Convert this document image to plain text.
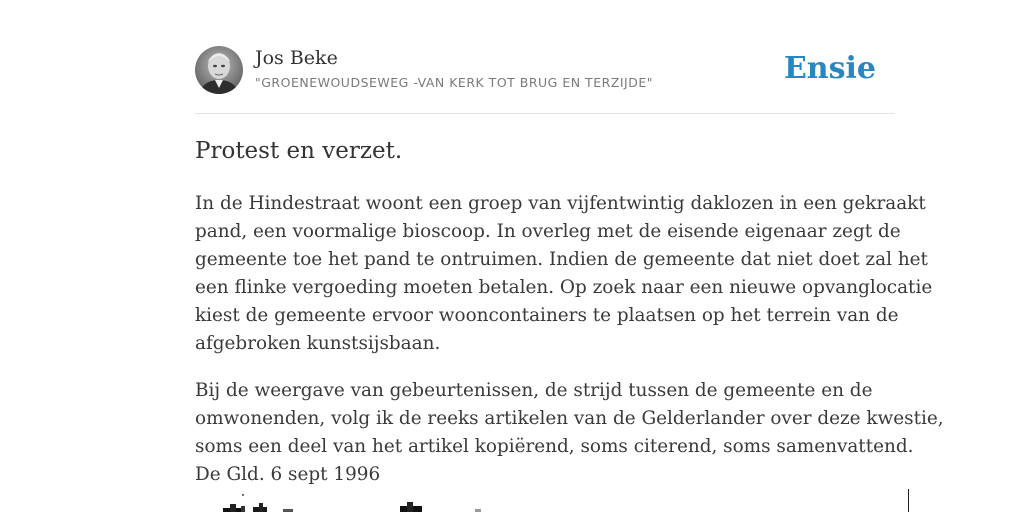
Jos Beke
"GROENEWOUDSEWEG -VAN KERK TOT BRUG EN TERZIJDE"	Ensie
Protest en verzet.

In de Hindestraat woont een groep van vijfentwintig daklozen in een gekraakt
pand, een voormalige bioscoop. In overleg met de eisende eigenaar zegt de
gemeente toe het pand te ontruimen. Indien de gemeente dat niet doet zal het
een flinke vergoeding moeten betalen. Op zoek naar een nieuwe opvanglocatie
kiest de gemeente ervoor wooncontainers te plaatsen op het terrein van de
afgebroken kunstsijsbaan.

Bij de weergave van gebeurtenissen, de strijd tussen de gemeente en de
omwonenden, volg ik de reeks artikelen van de Gelderlander over deze kwestie,
soms een deel van het artikel kopiërend, soms citerend, soms samenvattend.
De Gld. 6 sept 1996
